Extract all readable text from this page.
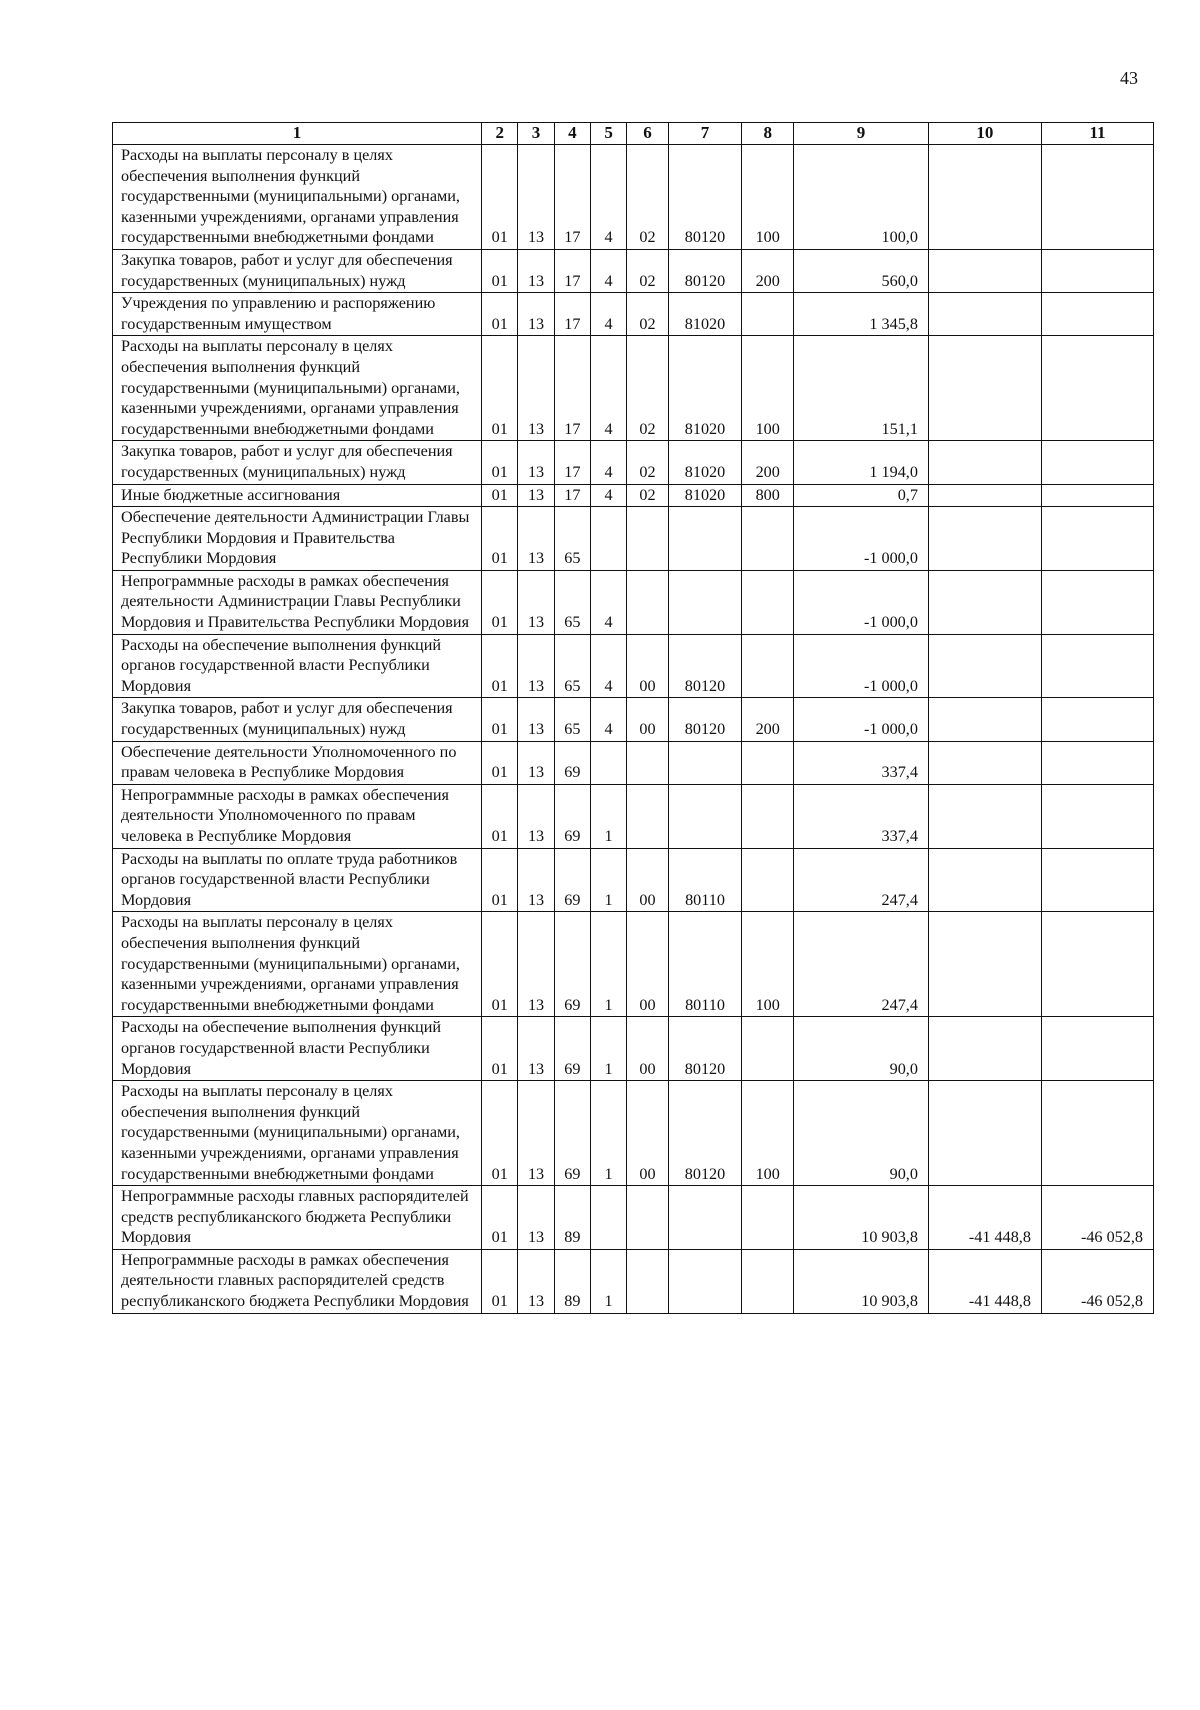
43
1	2	3	4	5	6	7	8	9	10	11
Расходы на выплаты персоналу в целях обеспечения выполнения функций государственными (муниципальными) органами, казенными учреждениями, органами управления государственными внебюджетными фондами	01	13	17	4	02	80120	100	100,0		
Закупка товаров, работ и услуг для обеспечения государственных (муниципальных) нужд	01	13	17	4	02	80120	200	560,0		
Учреждения по управлению и распоряжению государственным имуществом	01	13	17	4	02	81020		1 345,8		
Расходы на выплаты персоналу в целях обеспечения выполнения функций государственными (муниципальными) органами, казенными учреждениями, органами управления государственными внебюджетными фондами	01	13	17	4	02	81020	100	151,1		
Закупка товаров, работ и услуг для обеспечения государственных (муниципальных) нужд	01	13	17	4	02	81020	200	1 194,0		
Иные бюджетные ассигнования	01	13	17	4	02	81020	800	0,7		
Обеспечение деятельности Администрации Главы Республики Мордовия и Правительства Республики Мордовия	01	13	65					-1 000,0		
Непрограммные расходы в рамках обеспечения деятельности Администрации Главы Республики Мордовия и Правительства Республики Мордовия	01	13	65	4				-1 000,0		
Расходы на обеспечение выполнения функций органов государственной власти Республики Мордовия	01	13	65	4	00	80120		-1 000,0		
Закупка товаров, работ и услуг для обеспечения государственных (муниципальных) нужд	01	13	65	4	00	80120	200	-1 000,0		
Обеспечение деятельности Уполномоченного по правам человека в Республике Мордовия	01	13	69					337,4		
Непрограммные расходы в рамках обеспечения деятельности Уполномоченного по правам человека в Республике Мордовия	01	13	69	1				337,4		
Расходы на выплаты по оплате труда работников органов государственной власти Республики Мордовия	01	13	69	1	00	80110		247,4		
Расходы на выплаты персоналу в целях обеспечения выполнения функций государственными (муниципальными) органами, казенными учреждениями, органами управления государственными внебюджетными фондами	01	13	69	1	00	80110	100	247,4		
Расходы на обеспечение выполнения функций органов государственной власти Республики Мордовия	01	13	69	1	00	80120		90,0		
Расходы на выплаты персоналу в целях обеспечения выполнения функций государственными (муниципальными) органами, казенными учреждениями, органами управления государственными внебюджетными фондами	01	13	69	1	00	80120	100	90,0		
Непрограммные расходы главных распорядителей средств республиканского бюджета Республики Мордовия	01	13	89					10 903,8	-41 448,8	-46 052,8
Непрограммные расходы в рамках обеспечения деятельности главных распорядителей средств республиканского бюджета Республики Мордовия	01	13	89	1				10 903,8	-41 448,8	-46 052,8
